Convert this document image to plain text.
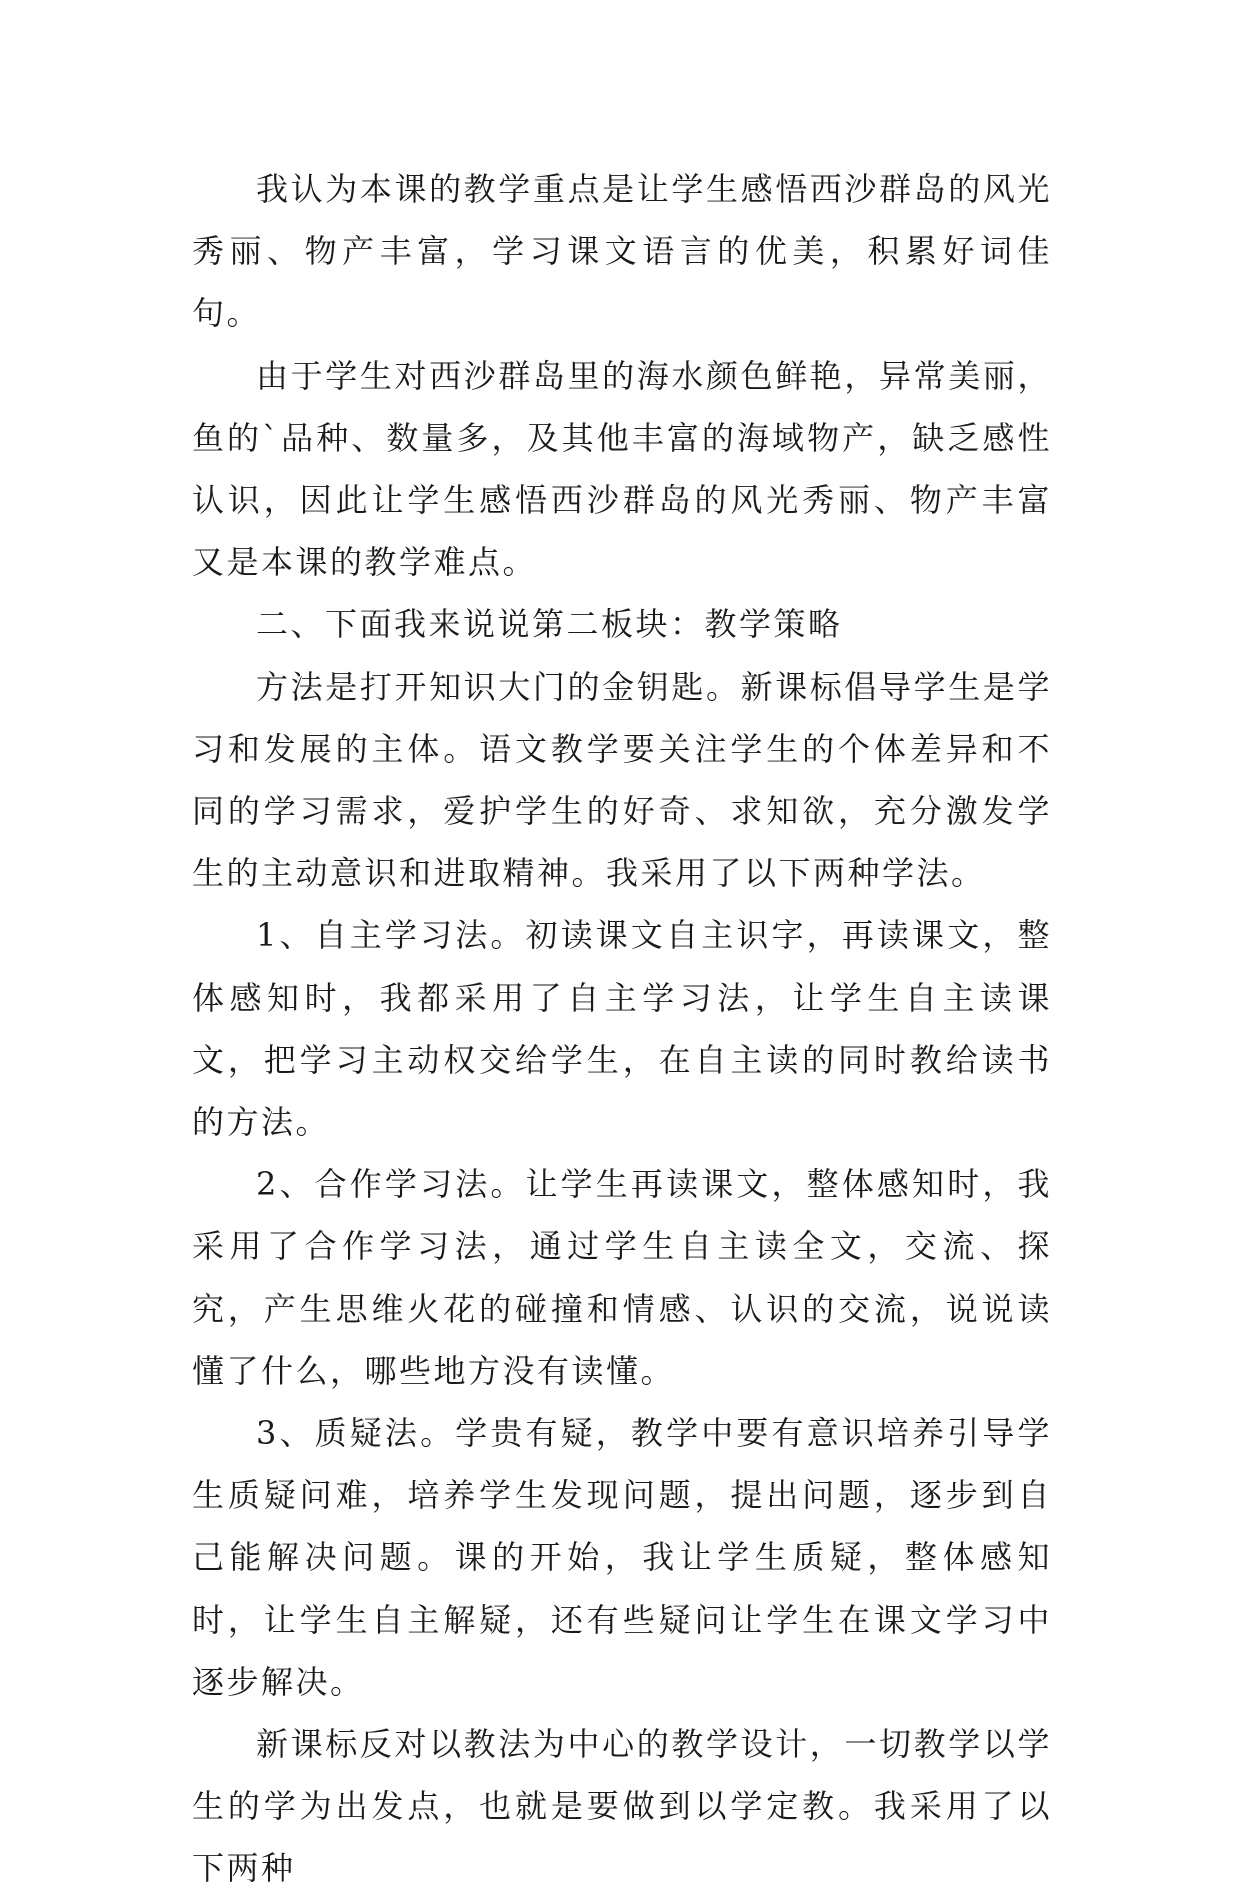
我认为本课的教学重点是让学生感悟西沙群岛的风光秀丽、物产丰富，学习课文语言的优美，积累好词佳句。

由于学生对西沙群岛里的海水颜色鲜艳，异常美丽，鱼的`品种、数量多，及其他丰富的海域物产，缺乏感性认识，因此让学生感悟西沙群岛的风光秀丽、物产丰富又是本课的教学难点。

二、下面我来说说第二板块：教学策略

方法是打开知识大门的金钥匙。新课标倡导学生是学习和发展的主体。语文教学要关注学生的个体差异和不同的学习需求，爱护学生的好奇、求知欲，充分激发学生的主动意识和进取精神。我采用了以下两种学法。

1、自主学习法。初读课文自主识字，再读课文，整体感知时，我都采用了自主学习法，让学生自主读课文，把学习主动权交给学生，在自主读的同时教给读书的方法。

2、合作学习法。让学生再读课文，整体感知时，我采用了合作学习法，通过学生自主读全文，交流、探究，产生思维火花的碰撞和情感、认识的交流，说说读懂了什么，哪些地方没有读懂。

3、质疑法。学贵有疑，教学中要有意识培养引导学生质疑问难，培养学生发现问题，提出问题，逐步到自己能解决问题。课的开始，我让学生质疑，整体感知时，让学生自主解疑，还有些疑问让学生在课文学习中逐步解决。

新课标反对以教法为中心的教学设计，一切教学以学生的学为出发点，也就是要做到以学定教。我采用了以下两种
